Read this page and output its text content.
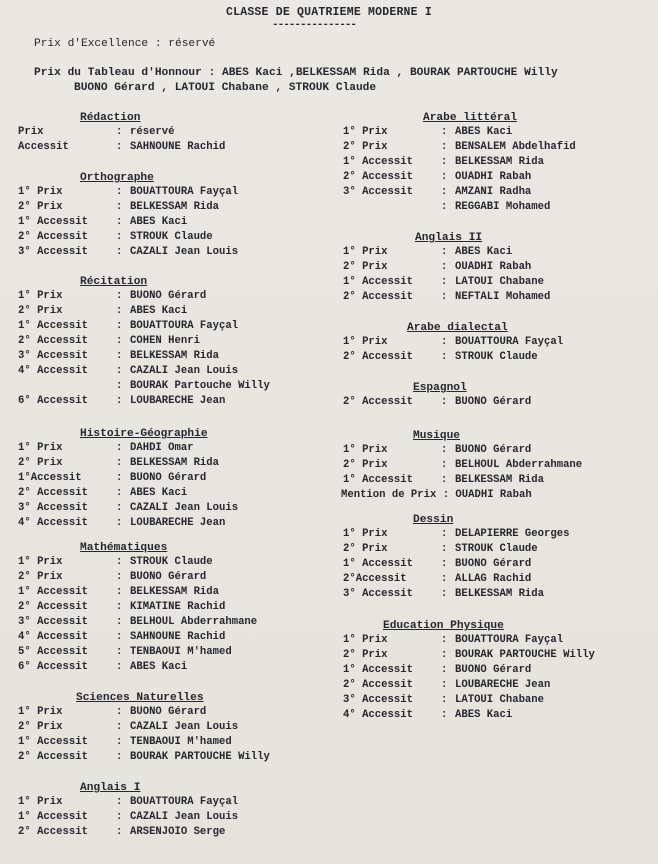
CLASSE DE QUATRIEME MODERNE I
---------------
Prix d'Excellence : réservé
Prix du Tableau d'Honnour : ABES Kaci ,BELKESSAM Rida , BOURAK PARTOUCHE Willy
BUONO Gérard , LATOUI Chabane , STROUK Claude
Rédaction
Prix	: réservé
Accessit	: SAHNOUNE Rachid
Orthographe
1° Prix	: BOUATTOURA Fayçal
2° Prix	: BELKESSAM Rida
1° Accessit	: ABES Kaci
2° Accessit	: STROUK Claude
3° Accessit	: CAZALI Jean Louis
Récitation
1° Prix	: BUONO Gérard
2° Prix	: ABES Kaci
1° Accessit	: BOUATTOURA Fayçal
2° Accessit	: COHEN Henri
3° Accessit	: BELKESSAM Rida
4° Accessit	: CAZALI Jean Louis
: BOURAK Partouche Willy
6° Accessit	: LOUBARECHE Jean
Histoire-Géographie
1° Prix	: DAHDI Omar
2° Prix	: BELKESSAM Rida
1°Accessit	: BUONO Gérard
2° Accessit	: ABES Kaci
3° Accessit	: CAZALI Jean Louis
4° Accessit	: LOUBARECHE Jean
Mathématiques
1° Prix	: STROUK Claude
2° Prix	: BUONO Gérard
1° Accessit	: BELKESSAM Rida
2° Accessit	: KIMATINE Rachid
3° Accessit	: BELHOUL Abderrahmane
4° Accessit	: SAHNOUNE Rachid
5° Accessit	: TENBAOUI M'hamed
6° Accessit	: ABES Kaci
Sciences Naturelles
1° Prix	: BUONO Gérard
2° Prix	: CAZALI Jean Louis
1° Accessit	: TENBAOUI M'hamed
2° Accessit	: BOURAK PARTOUCHE Willy
Anglais I
1° Prix	: BOUATTOURA Fayçal
1° Accessit	: CAZALI Jean Louis
2° Accessit	: ARSENJOIO Serge
Arabe littéral
1° Prix	: ABES Kaci
2° Prix	: BENSALEM Abdelhafid
1° Accessit	: BELKESSAM Rida
2° Accessit	: OUADHI Rabah
3° Accessit	: AMZANI Radha
: REGGABI Mohamed
Anglais II
1° Prix	: ABES Kaci
2° Prix	: OUADHI Rabah
1° Accessit	: LATOUI Chabane
2° Accessit	: NEFTALI Mohamed
Arabe dialectal
1° Prix	: BOUATTOURA Fayçal
2° Accessit	: STROUK Claude
Espagnol
2° Accessit	: BUONO Gérard
Musique
1° Prix	: BUONO Gérard
2° Prix	: BELHOUL Abderrahmane
1° Accessit	: BELKESSAM Rida
Mention de Prix : OUADHI Rabah
Dessin
1° Prix	: DELAPIERRE Georges
2° Prix	: STROUK Claude
1° Accessit	: BUONO Gérard
2°Accessit	: ALLAG Rachid
3° Accessit	: BELKESSAM Rida
Education Physique
1° Prix	: BOUATTOURA Fayçal
2° Prix	: BOURAK PARTOUCHE Willy
1° Accessit	: BUONO Gérard
2° Accessit	: LOUBARECHE Jean
3° Accessit	: LATOUI Chabane
4° Accessit	: ABES Kaci
